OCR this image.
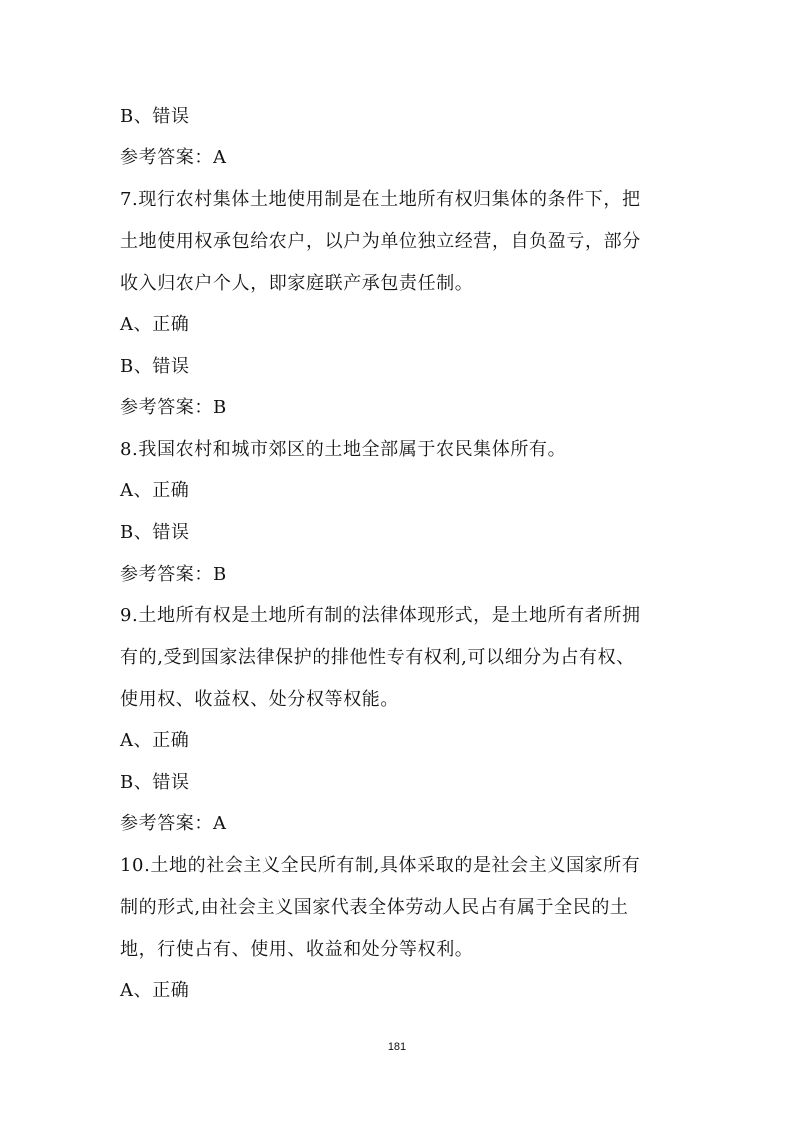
B、错误
参考答案：A
7.现行农村集体土地使用制是在土地所有权归集体的条件下，把
土地使用权承包给农户，以户为单位独立经营，自负盈亏，部分
收入归农户个人，即家庭联产承包责任制。
A、正确
B、错误
参考答案：B
8.我国农村和城市郊区的土地全部属于农民集体所有。
A、正确
B、错误
参考答案：B
9.土地所有权是土地所有制的法律体现形式，是土地所有者所拥
有的,受到国家法律保护的排他性专有权利,可以细分为占有权、
使用权、收益权、处分权等权能。
A、正确
B、错误
参考答案：A
10.土地的社会主义全民所有制,具体采取的是社会主义国家所有
制的形式,由社会主义国家代表全体劳动人民占有属于全民的土
地，行使占有、使用、收益和处分等权利。
A、正确
181
